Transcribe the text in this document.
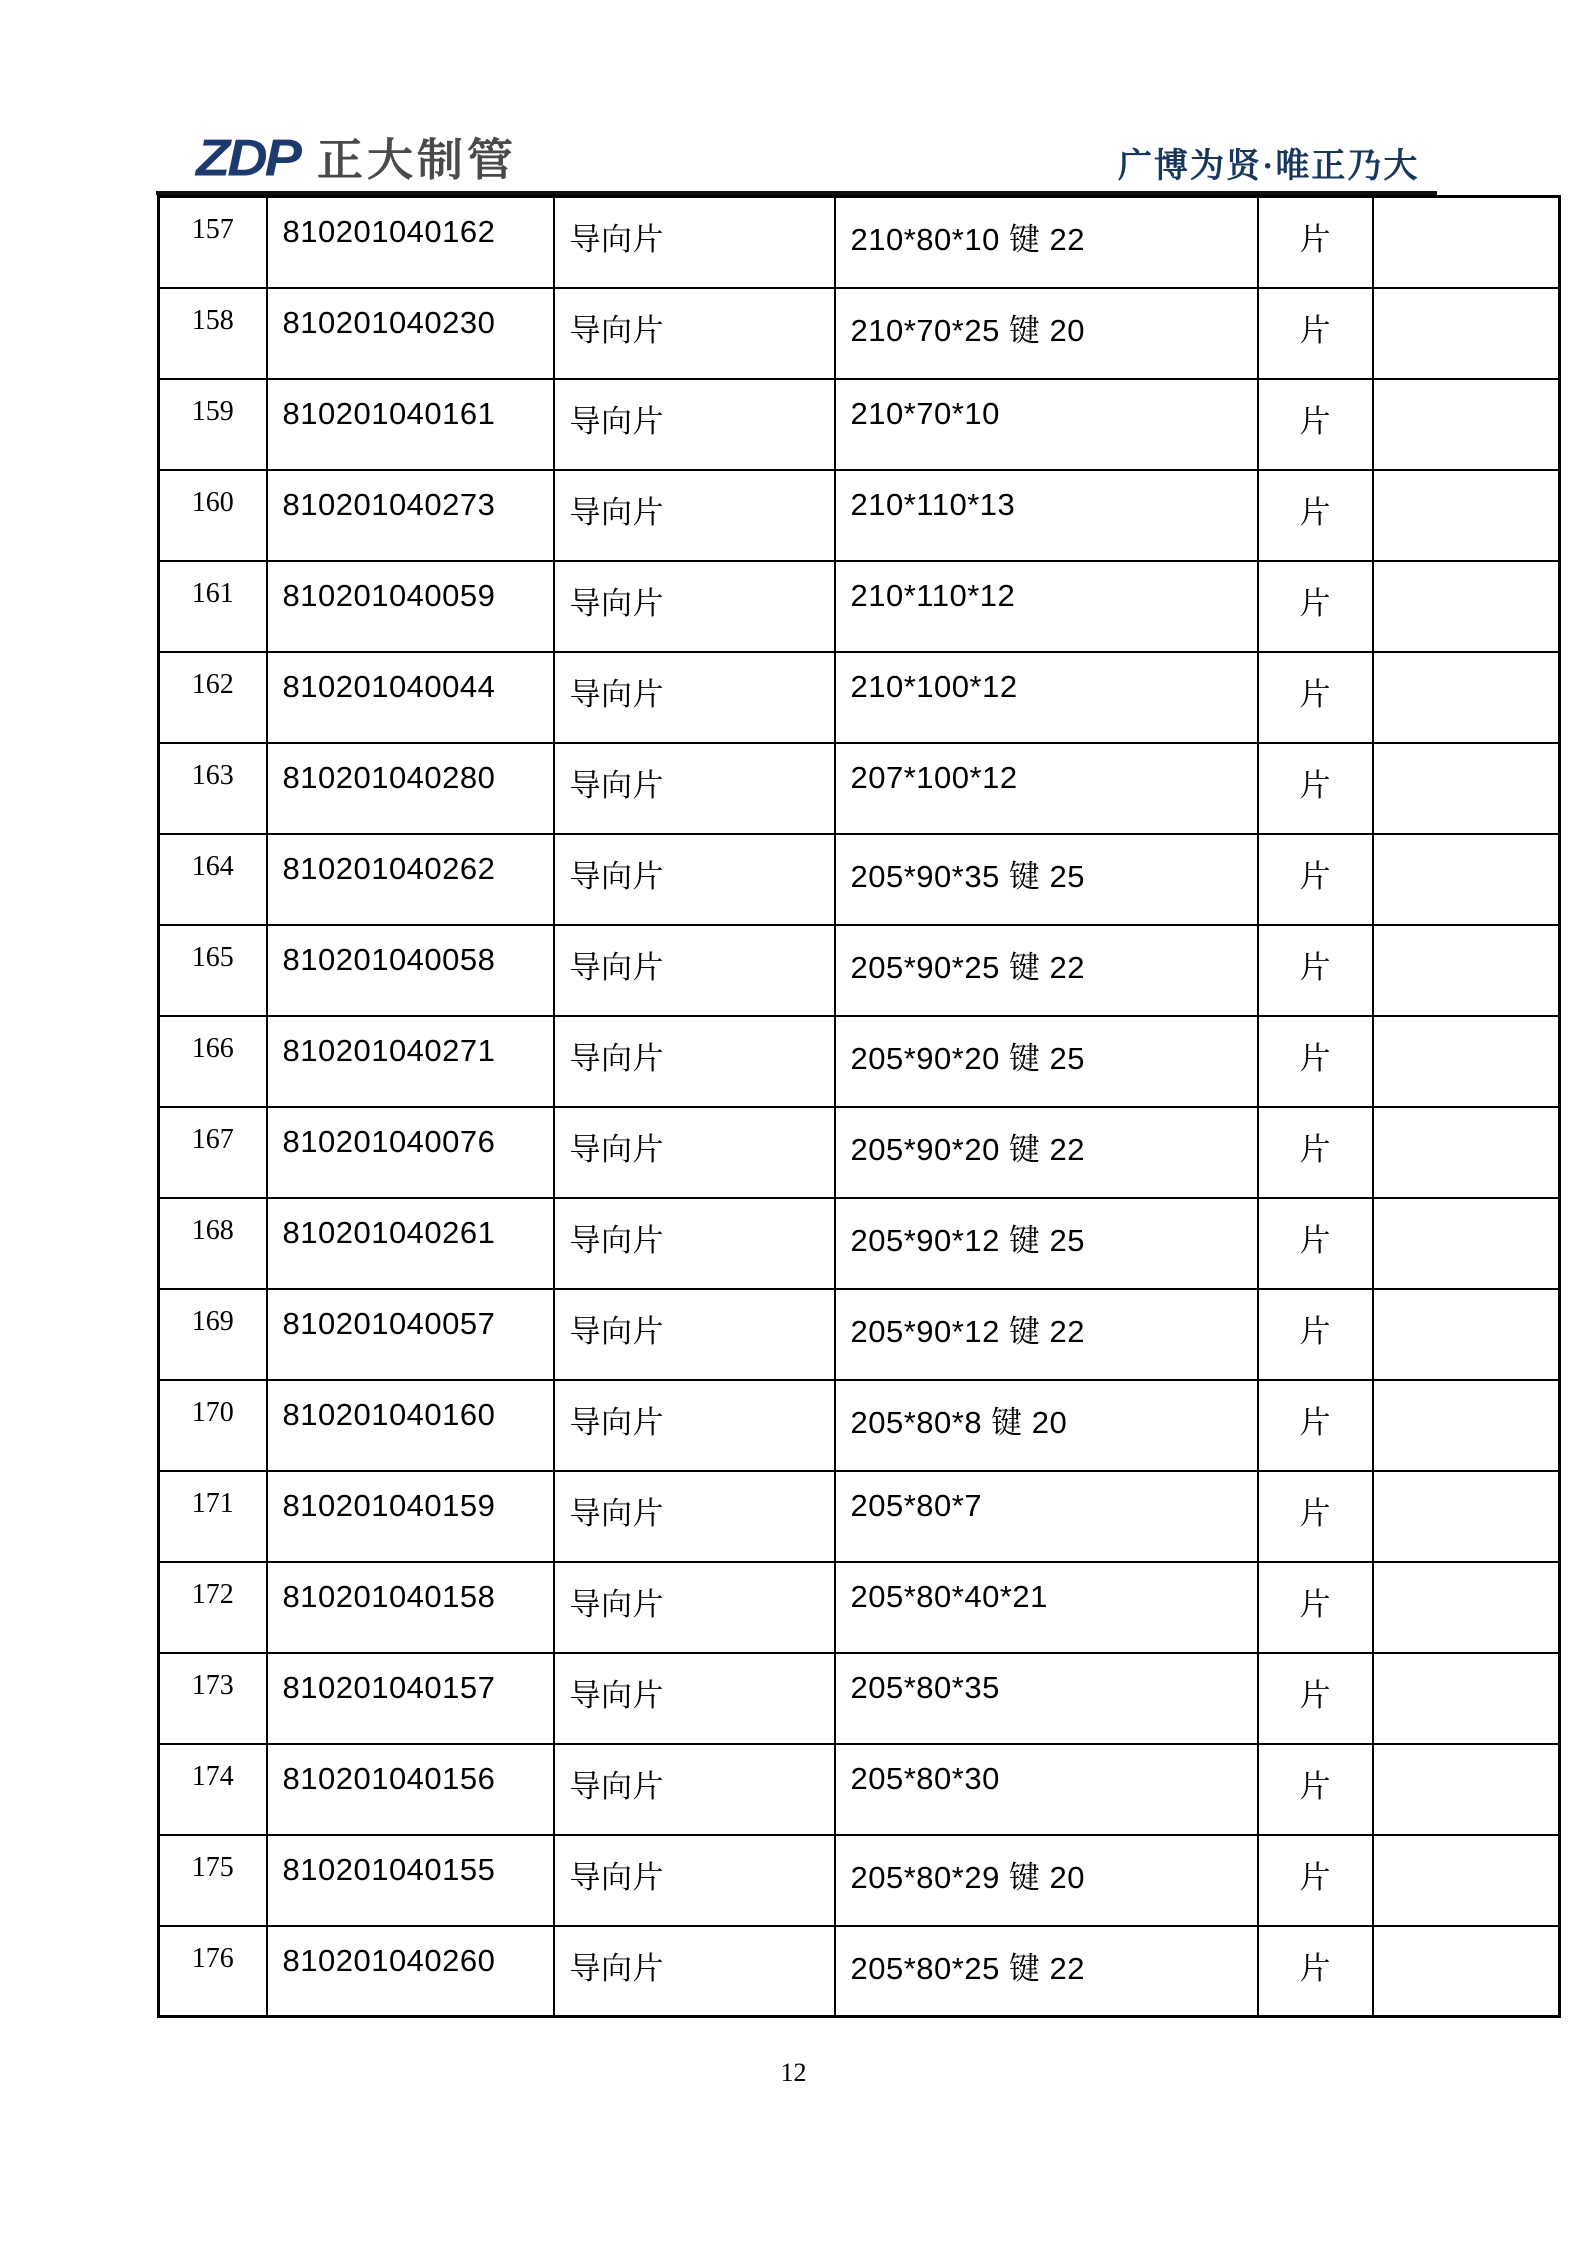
ZDP 正大制管	广博为贤·唯正乃大
157	810201040162	导向片	210*80*10 键 22	片	
158	810201040230	导向片	210*70*25 键 20	片	
159	810201040161	导向片	210*70*10	片	
160	810201040273	导向片	210*110*13	片	
161	810201040059	导向片	210*110*12	片	
162	810201040044	导向片	210*100*12	片	
163	810201040280	导向片	207*100*12	片	
164	810201040262	导向片	205*90*35 键 25	片	
165	810201040058	导向片	205*90*25 键 22	片	
166	810201040271	导向片	205*90*20 键 25	片	
167	810201040076	导向片	205*90*20 键 22	片	
168	810201040261	导向片	205*90*12 键 25	片	
169	810201040057	导向片	205*90*12 键 22	片	
170	810201040160	导向片	205*80*8 键 20	片	
171	810201040159	导向片	205*80*7	片	
172	810201040158	导向片	205*80*40*21	片	
173	810201040157	导向片	205*80*35	片	
174	810201040156	导向片	205*80*30	片	
175	810201040155	导向片	205*80*29 键 20	片	
176	810201040260	导向片	205*80*25 键 22	片	
12
